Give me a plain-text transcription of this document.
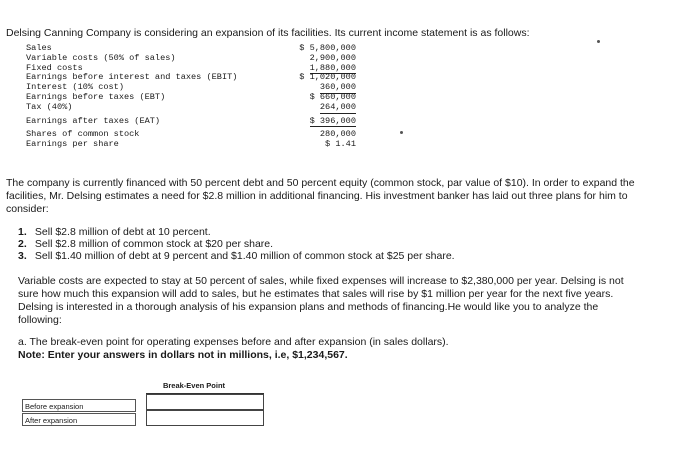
Delsing Canning Company is considering an expansion of its facilities. Its current income statement is as follows:
Sales	$ 5,800,000
Variable costs (50% of sales)	2,900,000
Fixed costs	1,880,000
Earnings before interest and taxes (EBIT)	$ 1,020,000
Interest (10% cost)	360,000
Earnings before taxes (EBT)	$ 660,000
Tax (40%)	264,000
Earnings after taxes (EAT)	$ 396,000
Shares of common stock	280,000
Earnings per share	$ 1.41
The company is currently financed with 50 percent debt and 50 percent equity (common stock, par value of $10). In order to expand the facilities, Mr. Delsing estimates a need for $2.8 million in additional financing. His investment banker has laid out three plans for him to consider:
1. Sell $2.8 million of debt at 10 percent.
2. Sell $2.8 million of common stock at $20 per share.
3. Sell $1.40 million of debt at 9 percent and $1.40 million of common stock at $25 per share.
Variable costs are expected to stay at 50 percent of sales, while fixed expenses will increase to $2,380,000 per year. Delsing is not sure how much this expansion will add to sales, but he estimates that sales will rise by $1 million per year for the next five years. Delsing is interested in a thorough analysis of his expansion plans and methods of financing.He would like you to analyze the following:
a. The break-even point for operating expenses before and after expansion (in sales dollars).
Note: Enter your answers in dollars not in millions, i.e, $1,234,567.
Break-Even Point
Before expansion
After expansion
